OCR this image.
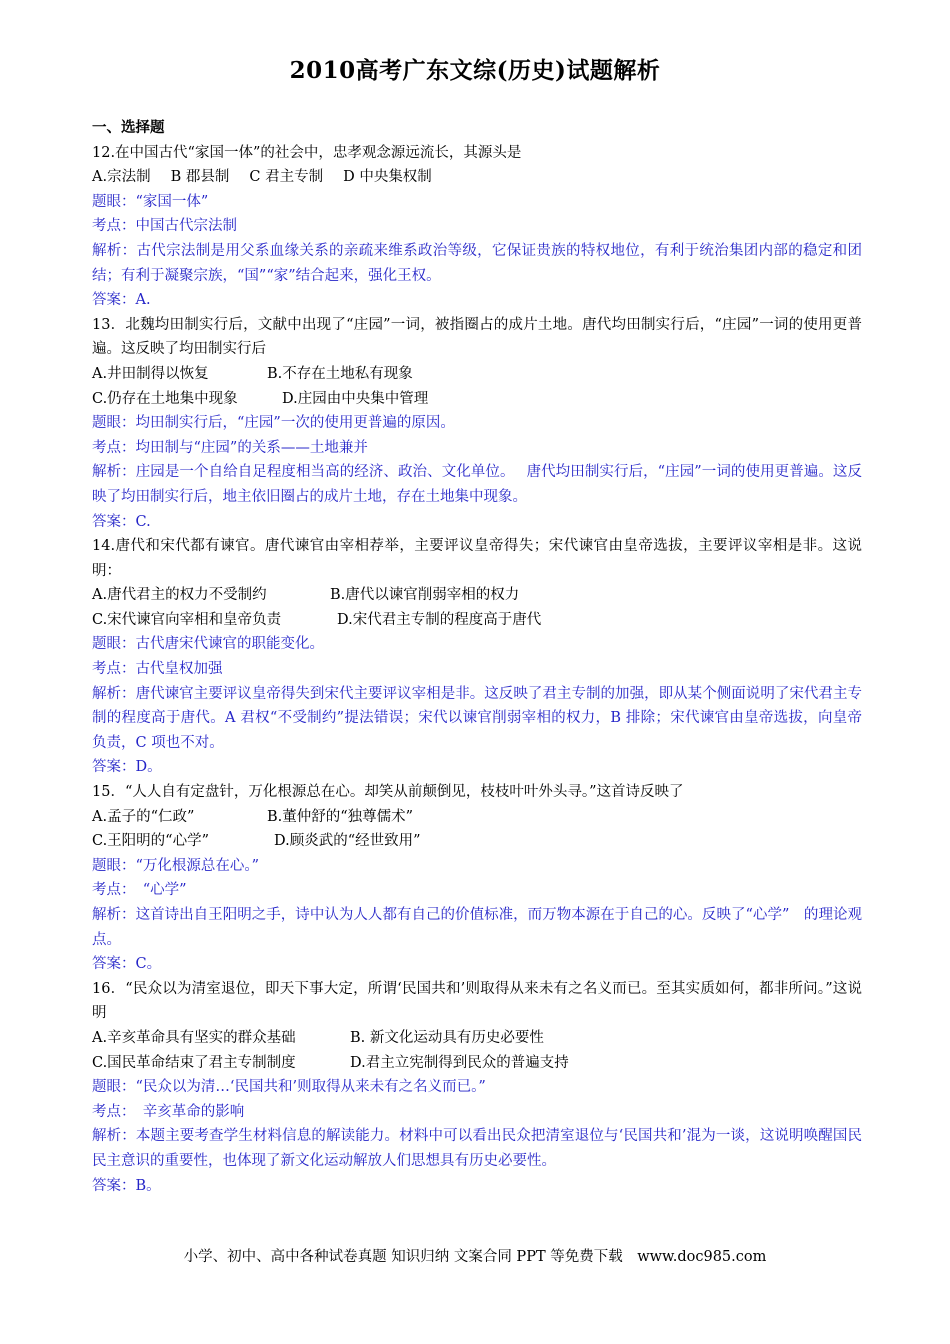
2010高考广东文综(历史)试题解析
一、选择题
12.在中国古代“家国一体”的社会中，忠孝观念源远流长，其源头是
A.宗法制 B 郡县制 C 君主专制 D 中央集权制
题眼：“家国一体”
考点：中国古代宗法制
解析：古代宗法制是用父系血缘关系的亲疏来维系政治等级，它保证贵族的特权地位，有利于统治集团内部的稳定和团结；有利于凝聚宗族，“国”“家”结合起来，强化王权。
答案：A.
13．北魏均田制实行后，文献中出现了“庄园”一词，被指圈占的成片土地。唐代均田制实行后，“庄园”一词的使用更普遍。这反映了均田制实行后
A.井田制得以恢复	B.不存在土地私有现象
C.仍存在土地集中现象	D.庄园由中央集中管理
题眼：均田制实行后，“庄园”一次的使用更普遍的原因。
考点：均田制与“庄园”的关系——土地兼并
解析：庄园是一个自给自足程度相当高的经济、政治、文化单位。　 唐代均田制实行后，“庄园”一词的使用更普遍。这反映了均田制实行后，地主依旧圈占的成片土地，存在土地集中现象。
答案：C.
14.唐代和宋代都有谏官。唐代谏官由宰相荐举，主要评议皇帝得失；宋代谏官由皇帝选拔，主要评议宰相是非。这说明：
A.唐代君主的权力不受制约	B.唐代以谏官削弱宰相的权力
C.宋代谏官向宰相和皇帝负责	D.宋代君主专制的程度高于唐代
题眼：古代唐宋代谏官的职能变化。
考点：古代皇权加强
解析：唐代谏官主要评议皇帝得失到宋代主要评议宰相是非。这反映了君主专制的加强，即从某个侧面说明了宋代君主专制的程度高于唐代。A 君权“不受制约”提法错误；宋代以谏官削弱宰相的权力，B 排除；宋代谏官由皇帝选拔，向皇帝负责，C 项也不对。
答案：D。
15．“人人自有定盘针，万化根源总在心。却笑从前颠倒见，枝枝叶叶外头寻。”这首诗反映了
A.孟子的“仁政”	B.董仲舒的“独尊儒术”
C.王阳明的“心学”	D.顾炎武的“经世致用”
题眼：“万化根源总在心。”
考点：　“心学”
解析：这首诗出自王阳明之手，诗中认为人人都有自己的价值标准，而万物本源在于自己的心。反映了“心学”　的理论观点。
答案：C。
16．“民众以为清室退位，即天下事大定，所谓‘民国共和’则取得从来未有之名义而已。至其实质如何，都非所问。”这说明
A.辛亥革命具有坚实的群众基础	B. 新文化运动具有历史必要性
C.国民革命结束了君主专制制度	D.君主立宪制得到民众的普遍支持
题眼：“民众以为清…‘民国共和’则取得从来未有之名义而已。”
考点：　辛亥革命的影响
解析：本题主要考查学生材料信息的解读能力。材料中可以看出民众把清室退位与‘民国共和’混为一谈，这说明唤醒国民民主意识的重要性，也体现了新文化运动解放人们思想具有历史必要性。
答案：B。
小学、初中、高中各种试卷真题 知识归纳 文案合同 PPT 等免费下载　www.doc985.com
